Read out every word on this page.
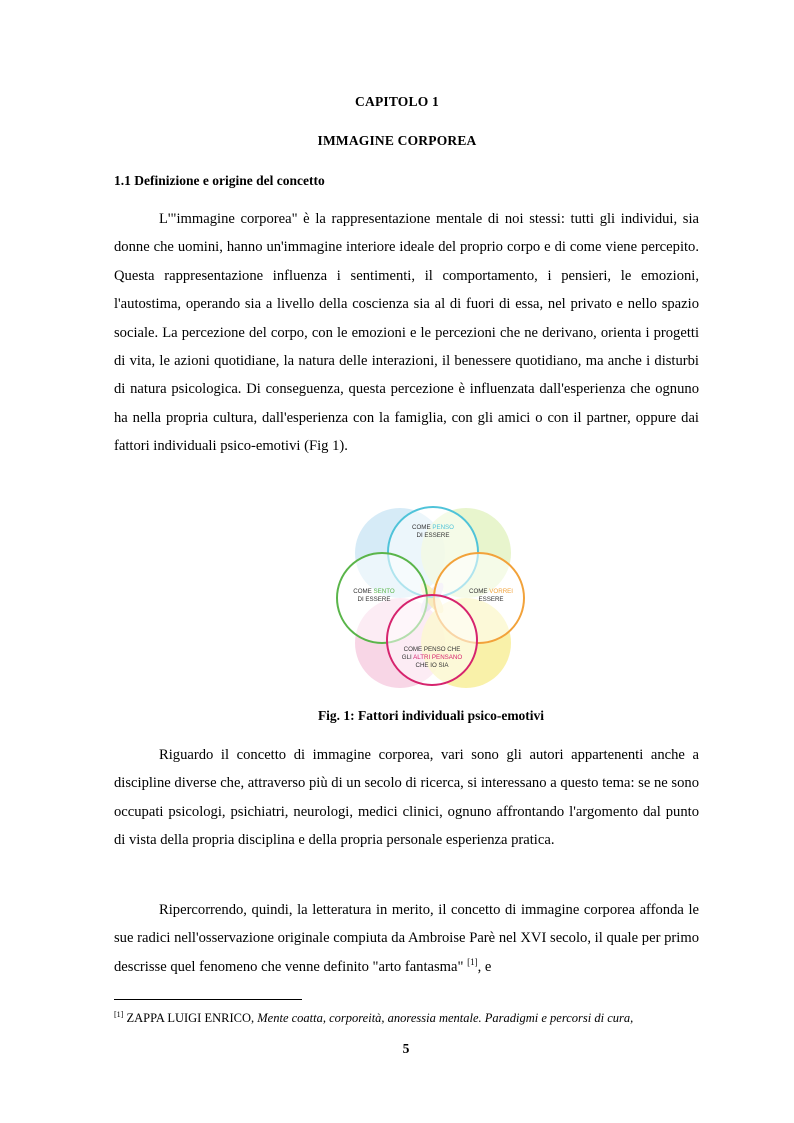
CAPITOLO 1
IMMAGINE CORPOREA
1.1 Definizione e origine del concetto

L'"immagine corporea" è la rappresentazione mentale di noi stessi: tutti gli individui, sia donne che uomini, hanno un'immagine interiore ideale del proprio corpo e di come viene percepito. Questa rappresentazione influenza i sentimenti, il comportamento, i pensieri, le emozioni, l'autostima, operando sia a livello della coscienza sia al di fuori di essa, nel privato e nello spazio sociale. La percezione del corpo, con le emozioni e le percezioni che ne derivano, orienta i progetti di vita, le azioni quotidiane, la natura delle interazioni, il benessere quotidiano, ma anche i disturbi di natura psicologica. Di conseguenza, questa percezione è influenzata dall'esperienza che ognuno ha nella propria cultura, dall'esperienza con la famiglia, con gli amici o con il partner, oppure dai fattori individuali psico-emotivi (Fig 1).

COME PENSO
DI ESSERE
COME SENTO
DI ESSERE
COME VORREI
ESSERE
COME PENSO CHE
GLI ALTRI PENSANO
CHE IO SIA
Fig. 1: Fattori individuali psico-emotivi

Riguardo il concetto di immagine corporea, vari sono gli autori appartenenti anche a discipline diverse che, attraverso più di un secolo di ricerca, si interessano a questo tema: se ne sono occupati psicologi, psichiatri, neurologi, medici clinici, ognuno affrontando l'argomento dal punto di vista della propria disciplina e della propria personale esperienza pratica.

Ripercorrendo, quindi, la letteratura in merito, il concetto di immagine corporea affonda le sue radici nell'osservazione originale compiuta da Ambroise Parè nel XVI secolo, il quale per primo descrisse quel fenomeno che venne definito "arto fantasma" [1], e

[1] ZAPPA LUIGI ENRICO, Mente coatta, corporeità, anoressia mentale. Paradigmi e percorsi di cura,
5
